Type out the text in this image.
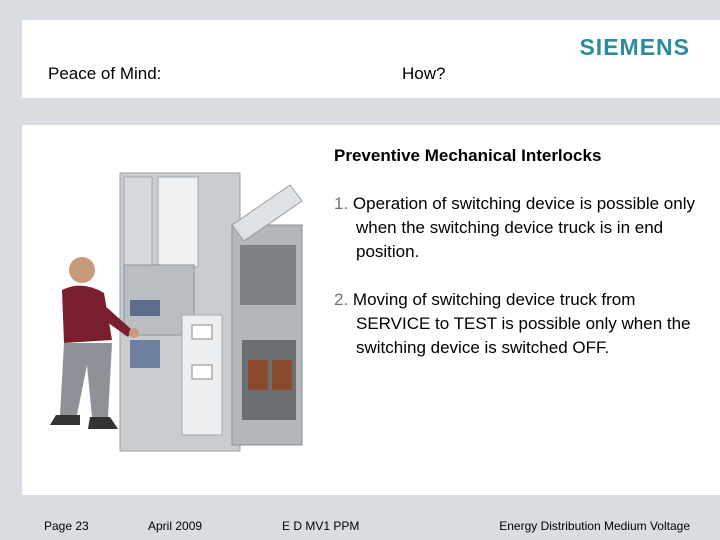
Peace of Mind:	How?
SIEMENS
Preventive Mechanical Interlocks
1. Operation of switching device is possible only when the switching device truck is in end position.
2. Moving of switching device truck from SERVICE to TEST is possible only when the switching device is switched OFF.
Page 23	April 2009	E D MV1 PPM	Energy Distribution Medium Voltage
